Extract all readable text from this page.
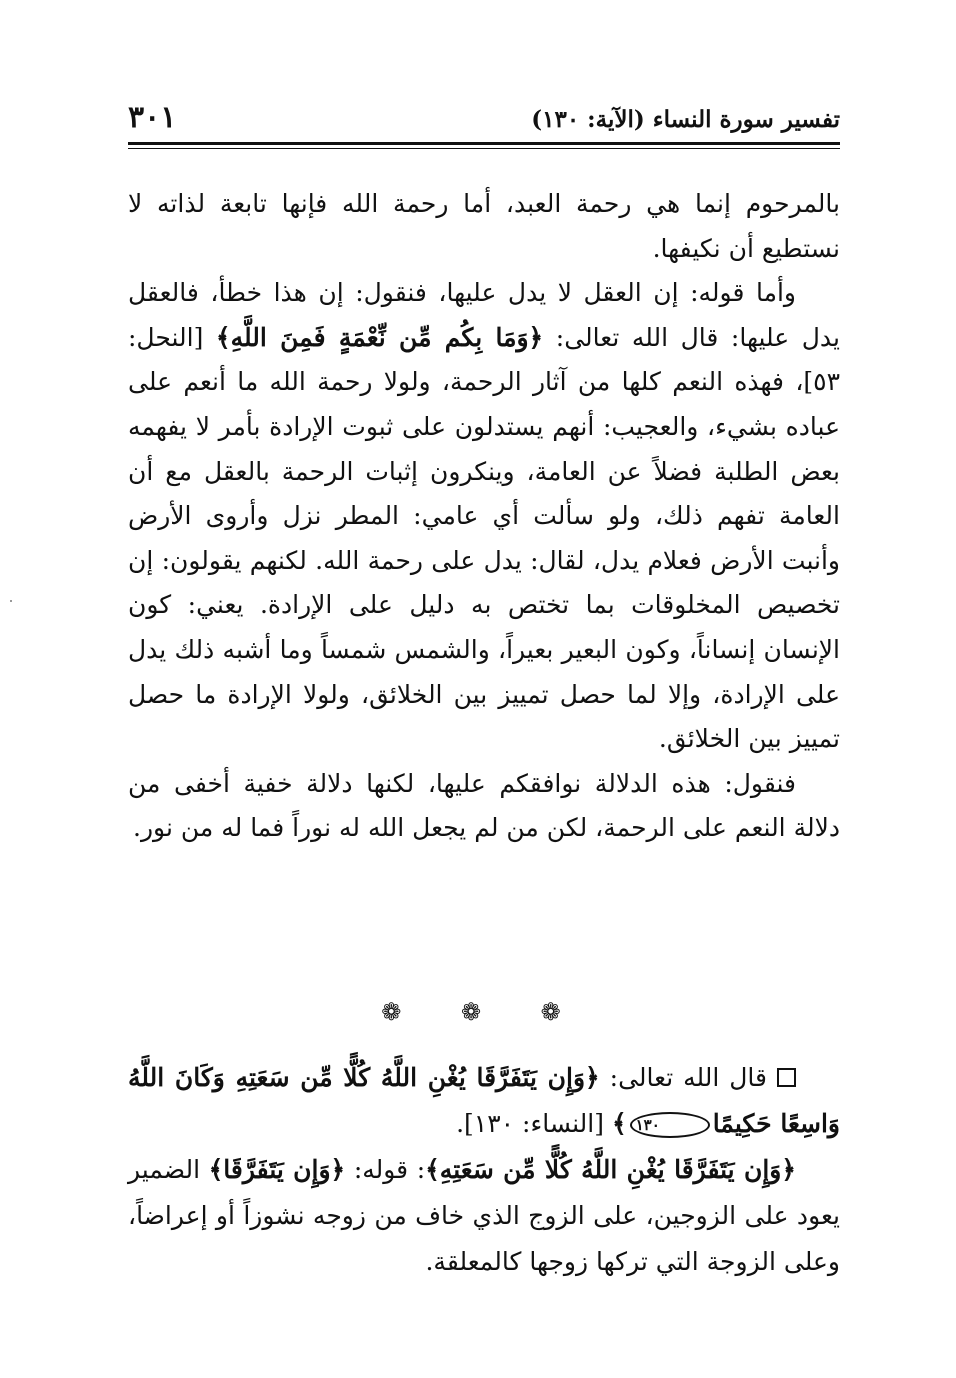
تفسير سورة النساء (الآية: ١٣٠)
٣٠١

بالمرحوم إنما هي رحمة العبد، أما رحمة الله فإنها تابعة لذاته لا نستطيع أن نكيفها.

وأما قوله: إن العقل لا يدل عليها، فنقول: إن هذا خطأ، فالعقل يدل عليها: قال الله تعالى: ﴿وَمَا بِكُم مِّن نِّعْمَةٍ فَمِنَ اللَّهِ﴾ [النحل: ٥٣]، فهذه النعم كلها من آثار الرحمة، ولولا رحمة الله ما أنعم على عباده بشيء، والعجيب: أنهم يستدلون على ثبوت الإرادة بأمر لا يفهمه بعض الطلبة فضلاً عن العامة، وينكرون إثبات الرحمة بالعقل مع أن العامة تفهم ذلك، ولو سألت أي عامي: المطر نزل وأروى الأرض وأنبت الأرض فعلام يدل، لقال: يدل على رحمة الله. لكنهم يقولون: إن تخصيص المخلوقات بما تختص به دليل على الإرادة. يعني: كون الإنسان إنساناً، وكون البعير بعيراً، والشمس شمساً وما أشبه ذلك يدل على الإرادة، وإلا لما حصل تمييز بين الخلائق، ولولا الإرادة ما حصل تمييز بين الخلائق.

فنقول: هذه الدلالة نوافقكم عليها، لكنها دلالة خفية أخفى من دلالة النعم على الرحمة، لكن من لم يجعل الله له نوراً فما له من نور.

❁ ❁ ❁

قال الله تعالى: ﴿وَإِن يَتَفَرَّقَا يُغْنِ اللَّهُ كُلًّا مِّن سَعَتِهِ وَكَانَ اللَّهُ وَاسِعًا حَكِيمًا١٣٠﴾ [النساء: ١٣٠].

﴿وَإِن يَتَفَرَّقَا يُغْنِ اللَّهُ كُلًّا مِّن سَعَتِهِ﴾: قوله: ﴿وَإِن يَتَفَرَّقَا﴾ الضمير يعود على الزوجين، على الزوج الذي خاف من زوجه نشوزاً أو إعراضاً، وعلى الزوجة التي تركها زوجها كالمعلقة.
